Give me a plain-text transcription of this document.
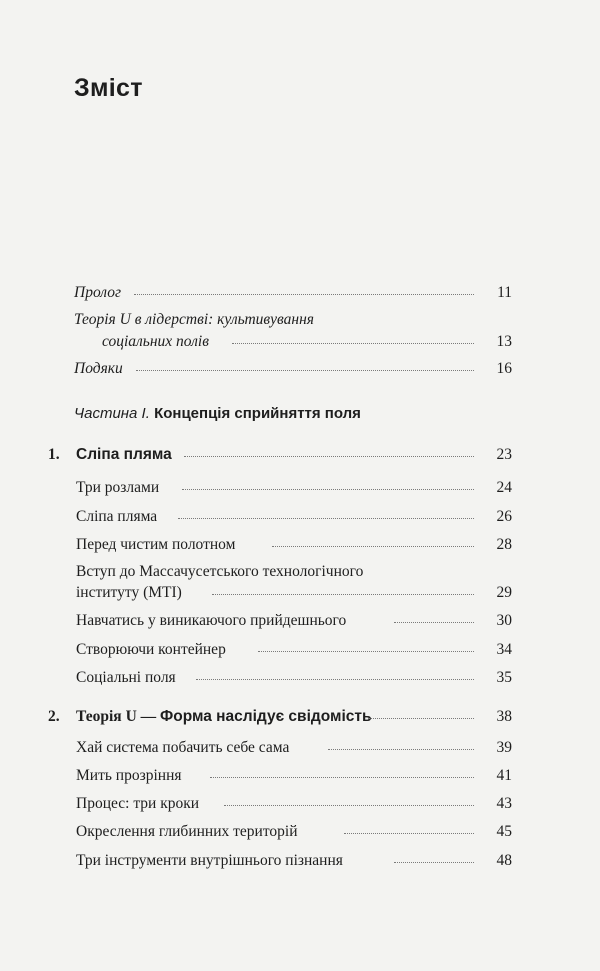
Зміст
Пролог	11
Теорія U в лідерстві: культивування
соціальних полів	13
Подяки	16
Частина I. Концепція сприйняття поля
1. Сліпа пляма	23
Три розлами	24
Сліпа пляма	26
Перед чистим полотном	28
Вступ до Массачусетського технологічного
інституту (MTI)	29
Навчатись у виникаючого прийдешнього	30
Створюючи контейнер	34
Соціальні поля	35
2. Теорія U — Форма наслідує свідомість	38
Хай система побачить себе сама	39
Мить прозріння	41
Процес: три кроки	43
Окреслення глибинних територій	45
Три інструменти внутрішнього пізнання	48
